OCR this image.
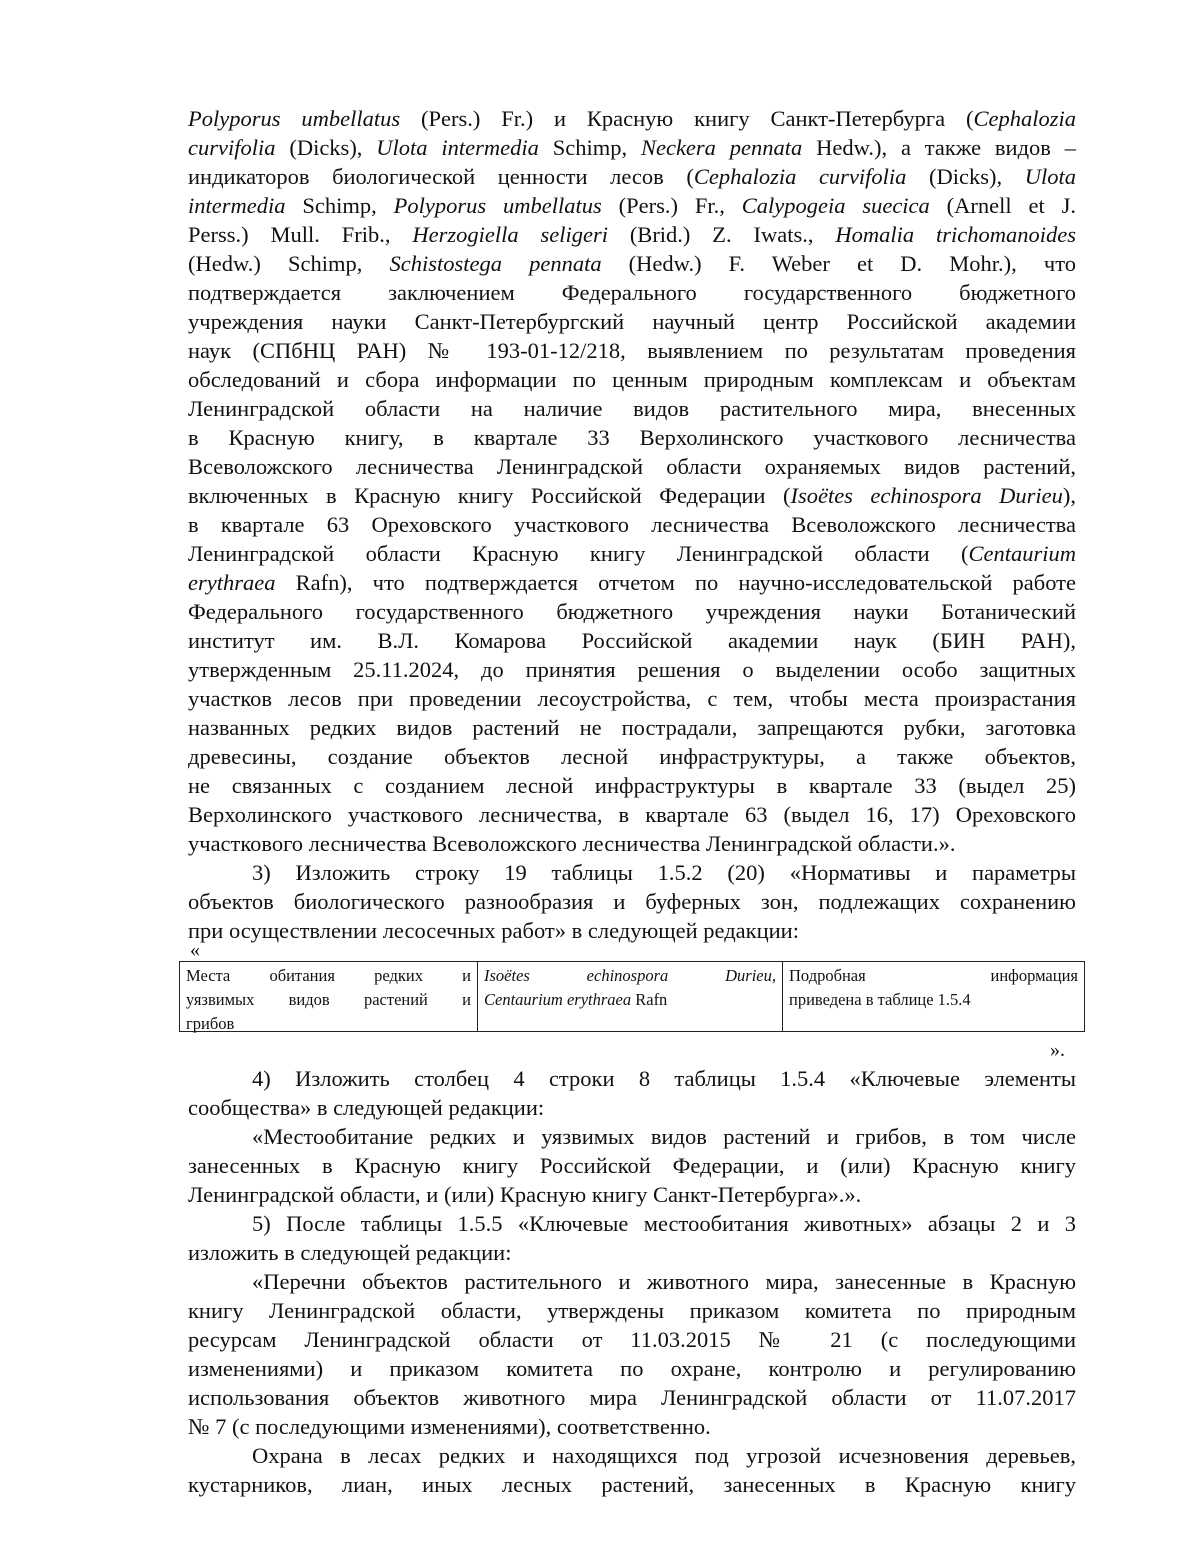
Polyporus umbellatus (Pers.) Fr.) и Красную книгу Санкт-Петербурга (Cephalozia
curvifolia (Dicks), Ulota intermedia Schimp, Neckera pennata Hedw.), а также видов –
индикаторов биологической ценности лесов (Cephalozia curvifolia (Dicks), Ulota
intermedia Schimp, Polyporus umbellatus (Pers.) Fr., Calypogeia suecica (Arnell et J.
Perss.) Mull. Frib., Herzogiella seligeri (Brid.) Z. Iwats., Homalia trichomanoides
(Hedw.) Schimp, Schistostega pennata (Hedw.) F. Weber et D. Mohr.), что
подтверждается заключением Федерального государственного бюджетного
учреждения науки Санкт-Петербургский научный центр Российской академии
наук (СПбНЦ РАН) № 193-01-12/218, выявлением по результатам проведения
обследований и сбора информации по ценным природным комплексам и объектам
Ленинградской области на наличие видов растительного мира, внесенных
в Красную книгу, в квартале 33 Верхолинского участкового лесничества
Всеволожского лесничества Ленинградской области охраняемых видов растений,
включенных в Красную книгу Российской Федерации (Isoëtes echinospora Durieu),
в квартале 63 Ореховского участкового лесничества Всеволожского лесничества
Ленинградской области Красную книгу Ленинградской области (Centaurium
erythraea Rafn), что подтверждается отчетом по научно-исследовательской работе
Федерального государственного бюджетного учреждения науки Ботанический
институт им. В.Л. Комарова Российской академии наук (БИН РАН),
утвержденным 25.11.2024, до принятия решения о выделении особо защитных
участков лесов при проведении лесоустройства, с тем, чтобы места произрастания
названных редких видов растений не пострадали, запрещаются рубки, заготовка
древесины, создание объектов лесной инфраструктуры, а также объектов,
не связанных с созданием лесной инфраструктуры в квартале 33 (выдел 25)
Верхолинского участкового лесничества, в квартале 63 (выдел 16, 17) Ореховского
участкового лесничества Всеволожского лесничества Ленинградской области.».
3) Изложить строку 19 таблицы 1.5.2 (20) «Нормативы и параметры
объектов биологического разнообразия и буферных зон, подлежащих сохранению
при осуществлении лесосечных работ» в следующей редакции:
«
Места обитания редких и
уязвимых видов растений и
грибов
Isoëtes echinospora Durieu,
Centaurium erythraea Rafn
Подробная информация
приведена в таблице 1.5.4
».
4) Изложить столбец 4 строки 8 таблицы 1.5.4 «Ключевые элементы
сообщества» в следующей редакции:
«Местообитание редких и уязвимых видов растений и грибов, в том числе
занесенных в Красную книгу Российской Федерации, и (или) Красную книгу
Ленинградской области, и (или) Красную книгу Санкт-Петербурга».».
5) После таблицы 1.5.5 «Ключевые местообитания животных» абзацы 2 и 3
изложить в следующей редакции:
«Перечни объектов растительного и животного мира, занесенные в Красную
книгу Ленинградской области, утверждены приказом комитета по природным
ресурсам Ленинградской области от 11.03.2015 № 21 (с последующими
изменениями) и приказом комитета по охране, контролю и регулированию
использования объектов животного мира Ленинградской области от 11.07.2017
№ 7 (с последующими изменениями), соответственно.
Охрана в лесах редких и находящихся под угрозой исчезновения деревьев,
кустарников, лиан, иных лесных растений, занесенных в Красную книгу
